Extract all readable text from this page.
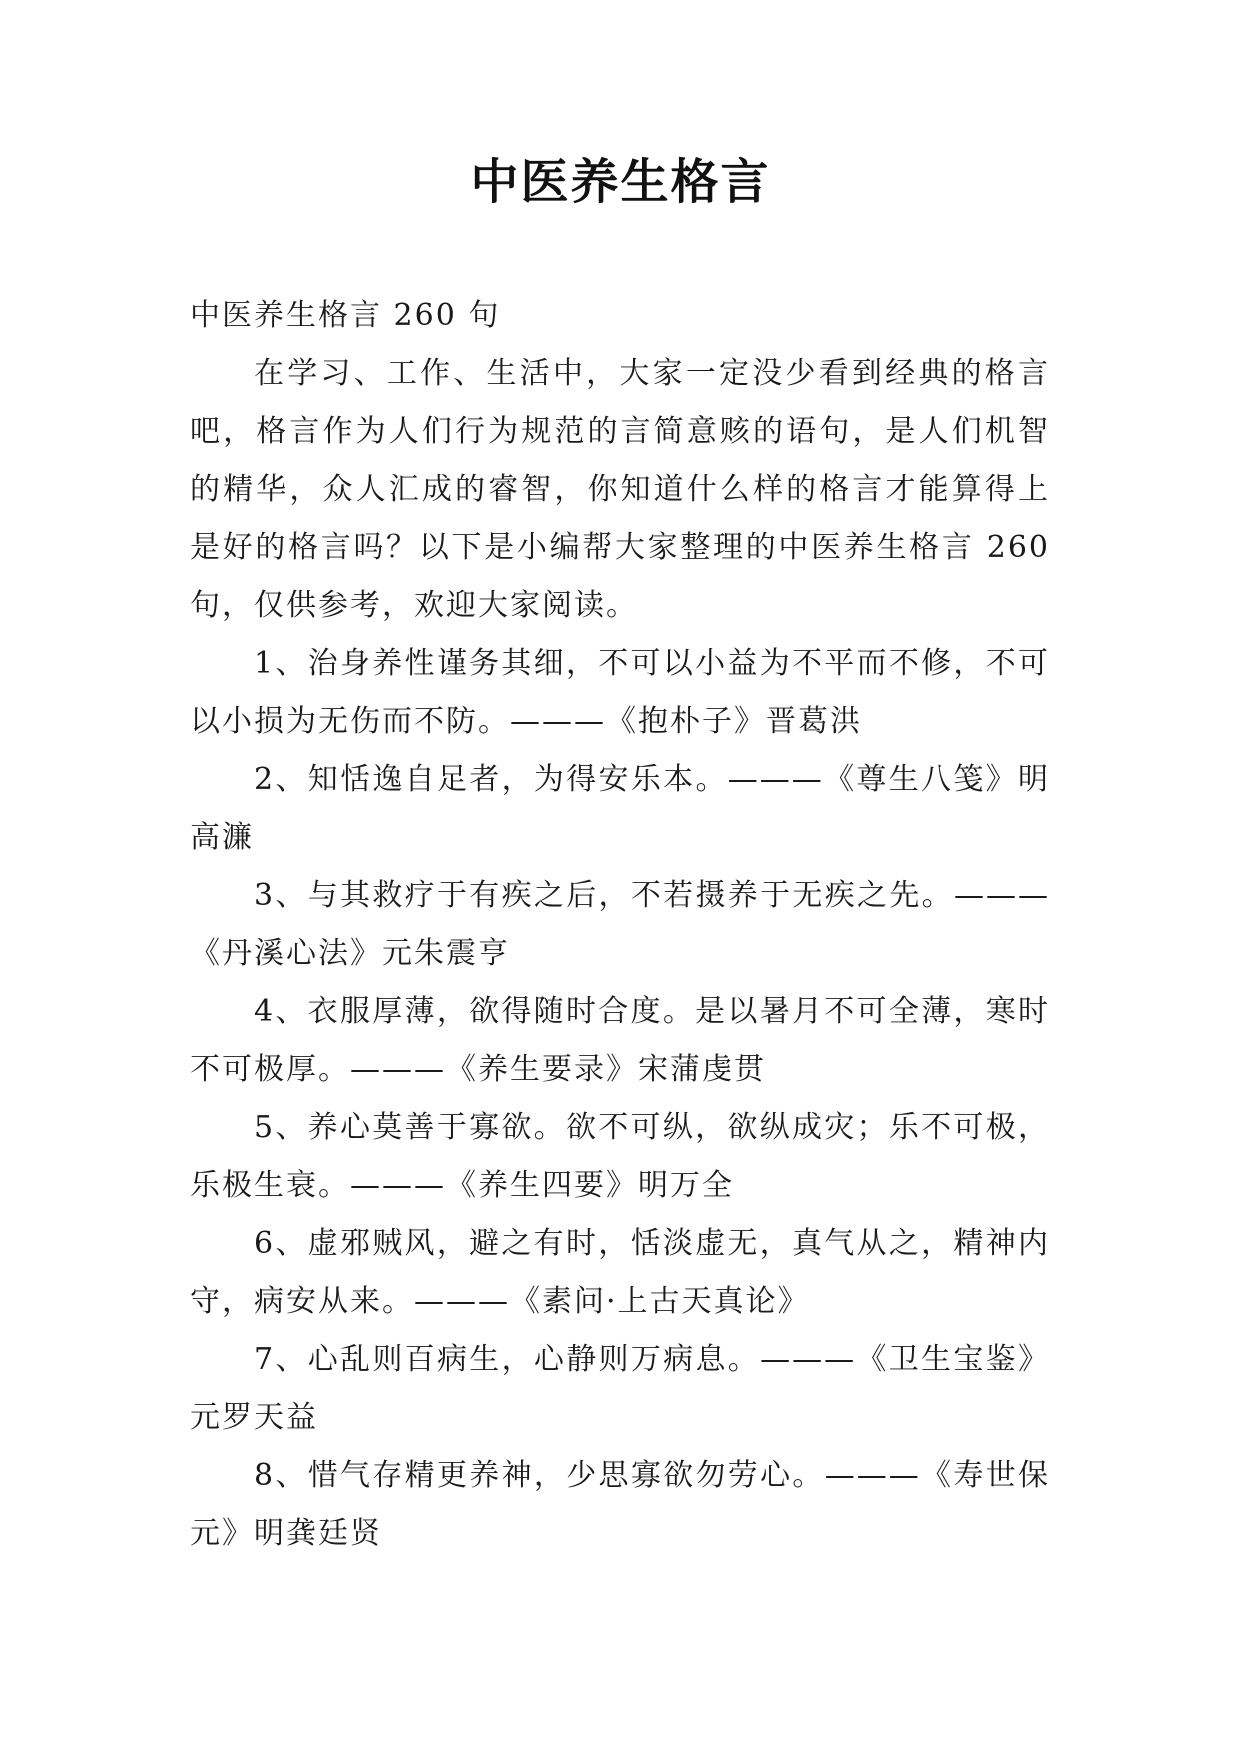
中医养生格言

中医养生格言 260 句

在学习、工作、生活中，大家一定没少看到经典的格言吧，格言作为人们行为规范的言简意赅的语句，是人们机智的精华，众人汇成的睿智，你知道什么样的格言才能算得上是好的格言吗？以下是小编帮大家整理的中医养生格言 260 句，仅供参考，欢迎大家阅读。

1、治身养性谨务其细，不可以小益为不平而不修，不可以小损为无伤而不防。———《抱朴子》晋葛洪

2、知恬逸自足者，为得安乐本。———《尊生八笺》明高濂

3、与其救疗于有疾之后，不若摄养于无疾之先。———《丹溪心法》元朱震亨

4、衣服厚薄，欲得随时合度。是以暑月不可全薄，寒时不可极厚。———《养生要录》宋蒲虔贯

5、养心莫善于寡欲。欲不可纵，欲纵成灾；乐不可极，乐极生衰。———《养生四要》明万全

6、虚邪贼风，避之有时，恬淡虚无，真气从之，精神内守，病安从来。———《素问·上古天真论》

7、心乱则百病生，心静则万病息。———《卫生宝鉴》元罗天益

8、惜气存精更养神，少思寡欲勿劳心。———《寿世保元》明龚廷贤
